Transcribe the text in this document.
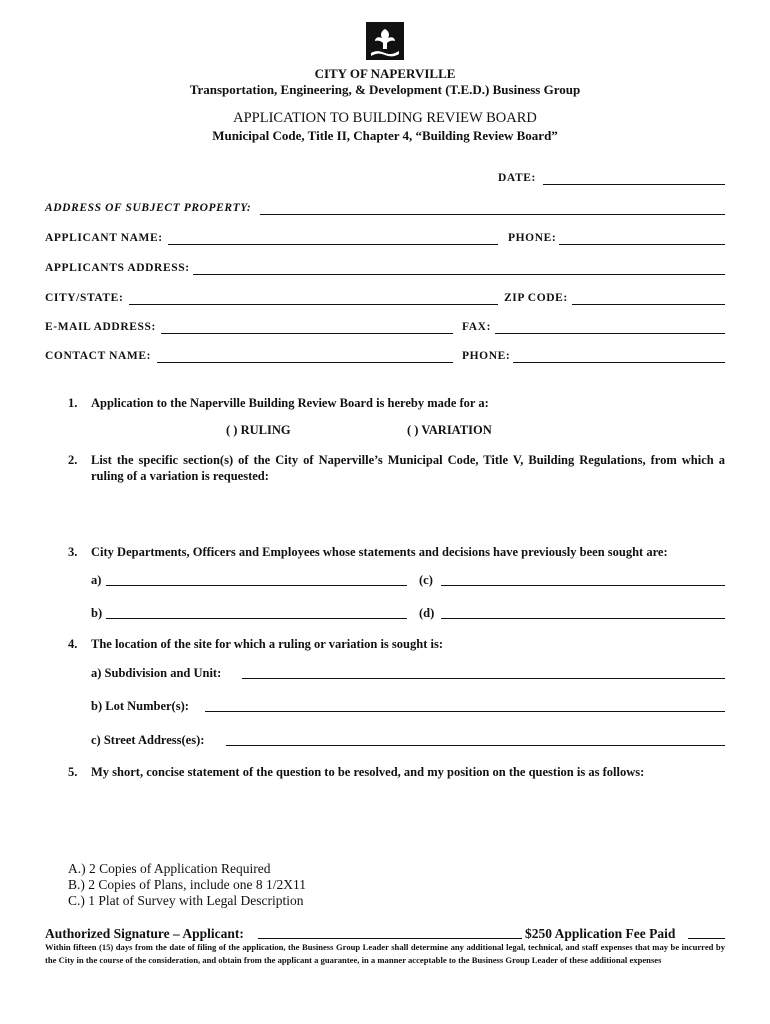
CITY OF NAPERVILLE
Transportation, Engineering, & Development (T.E.D.) Business Group
APPLICATION TO BUILDING REVIEW BOARD
Municipal Code, Title II, Chapter 4, “Building Review Board”
DATE:
ADDRESS OF SUBJECT PROPERTY:
APPLICANT NAME:	PHONE:
APPLICANTS ADDRESS:
CITY/STATE:	ZIP CODE:
E-MAIL ADDRESS:	FAX:
CONTACT NAME:	PHONE:
1. Application to the Naperville Building Review Board is hereby made for a:
( ) RULING	( ) VARIATION
2. List the specific section(s) of the City of Naperville’s Municipal Code, Title V, Building Regulations, from which a ruling of a variation is requested:
3. City Departments, Officers and Employees whose statements and decisions have previously been sought are:
a)	(c)
b)	(d)
4. The location of the site for which a ruling or variation is sought is:
a) Subdivision and Unit:
b) Lot Number(s):
c) Street Address(es):
5. My short, concise statement of the question to be resolved, and my position on the question is as follows:
A.) 2 Copies of Application Required
B.) 2 Copies of Plans, include one 8 1/2X11
C.) 1 Plat of Survey with Legal Description
Authorized Signature – Applicant:	$250 Application Fee Paid
Within fifteen (15) days from the date of filing of the application, the Business Group Leader shall determine any additional legal, technical, and staff expenses that may be incurred by the City in the course of the consideration, and obtain from the applicant a guarantee, in a manner acceptable to the Business Group Leader of these additional expenses
